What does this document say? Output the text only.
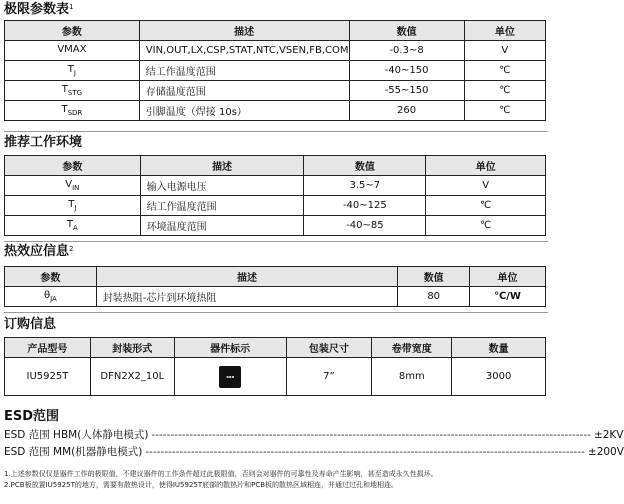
极限参数表$^1$
参数	描述	数值	单位
VMAX	VIN,OUT,LX,CSP,STAT,NTC,VSEN,FB,COM	-0.3~8	V
$T_J$	结工作温度范围	-40~150	℃
$T_{STG}$	存储温度范围	-55~150	℃
$T_{SDR}$	引脚温度（焊接 10s）	260	℃
推荐工作环境
参数	描述	数值	单位
$V_{IN}$	输入电源电压	3.5~7	V
$T_J$	结工作温度范围	-40~125	℃
$T_A$	环境温度范围	-40~85	℃
热效应信息$^2$
参数	描述	数值	单位
$\theta_{JA}$	封装热阻-芯片到环境热阻	80	℃/W
订购信息
产品型号	封装形式	器件标示	包装尺寸	卷带宽度	数量
IU5925T	DFN2X2_10L	▪▪▪	7”	8mm	3000
ESD范围
ESD 范围 HBM(人体静电模式) -------------------------------------------------------------------------------------------------------------------- ±2KV
ESD 范围 MM(机器静电模式) -------------------------------------------------------------------------------------------------------------------- ±200V
1.上述参数仅仅是器件工作的极限值，不建议器件的工作条件超过此极限值，否则会对器件的可靠性及寿命产生影响，甚至造成永久性损坏。
2.PCB板放置IU5925T的地方，需要有散热设计，使得IU5925T底部的散热片和PCB板的散热区域相连，并通过过孔和地相连。
